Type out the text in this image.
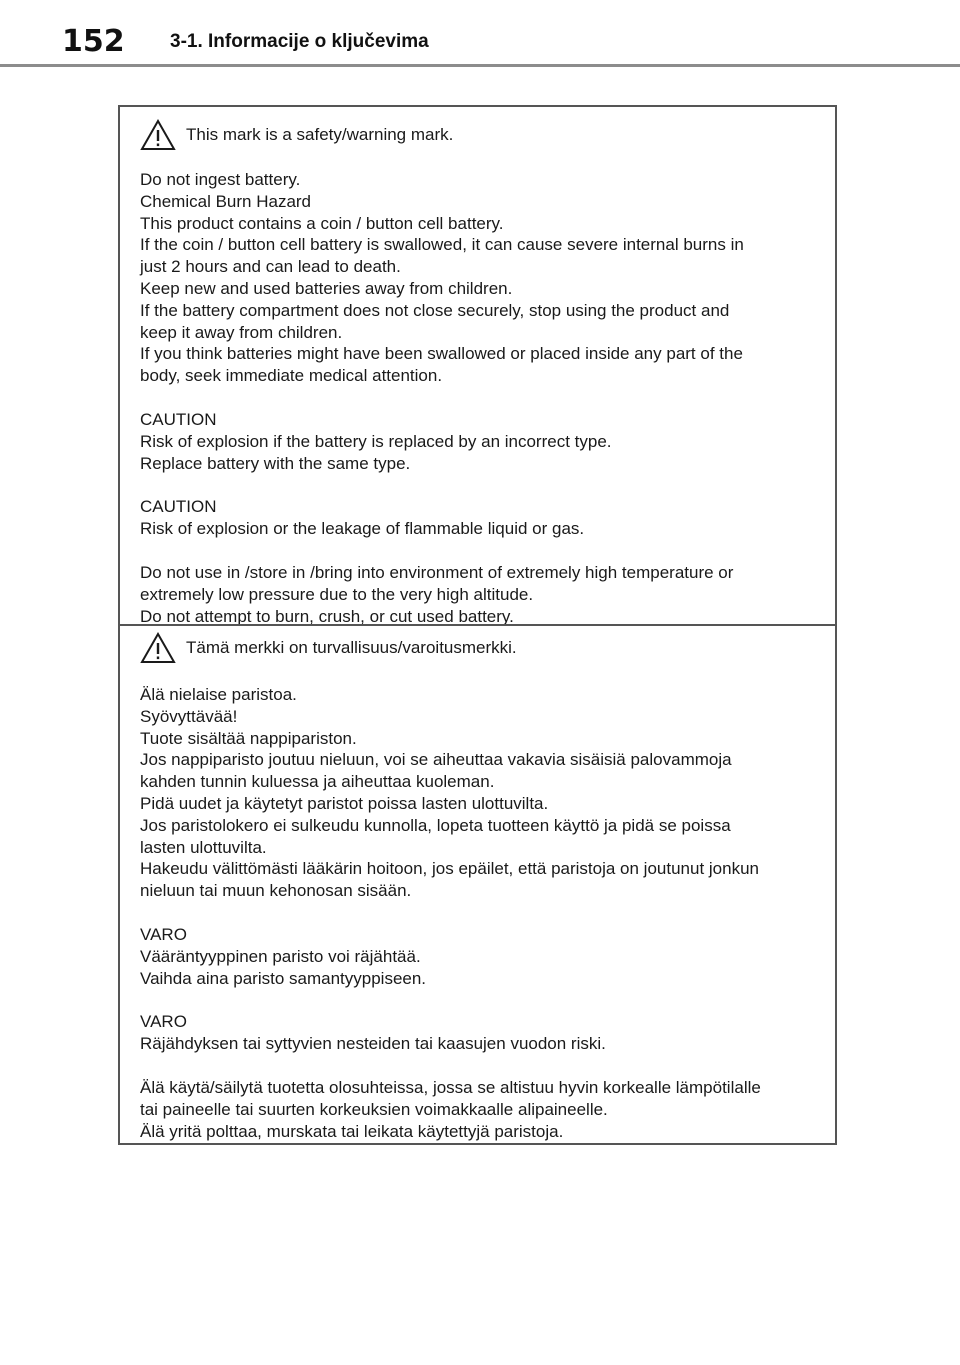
152 3-1. Informacije o ključevima
This mark is a safety/warning mark.

Do not ingest battery.
Chemical Burn Hazard
This product contains a coin / button cell battery.
If the coin / button cell battery is swallowed, it can cause severe internal burns in
just 2 hours and can lead to death.
Keep new and used batteries away from children.
If the battery compartment does not close securely, stop using the product and
keep it away from children.
If you think batteries might have been swallowed or placed inside any part of the
body, seek immediate medical attention.

CAUTION
Risk of explosion if the battery is replaced by an incorrect type.
Replace battery with the same type.

CAUTION
Risk of explosion or the leakage of flammable liquid or gas.

Do not use in /store in /bring into environment of extremely high temperature or
extremely low pressure due to the very high altitude.
Do not attempt to burn, crush, or cut used battery.

Tämä merkki on turvallisuus/varoitusmerkki.

Älä nielaise paristoa.
Syövyttävää!
Tuote sisältää nappipariston.
Jos nappiparisto joutuu nieluun, voi se aiheuttaa vakavia sisäisiä palovammoja
kahden tunnin kuluessa ja aiheuttaa kuoleman.
Pidä uudet ja käytetyt paristot poissa lasten ulottuvilta.
Jos paristolokero ei sulkeudu kunnolla, lopeta tuotteen käyttö ja pidä se poissa
lasten ulottuvilta.
Hakeudu välittömästi lääkärin hoitoon, jos epäilet, että paristoja on joutunut jonkun
nieluun tai muun kehonosan sisään.

VARO
Vääräntyyppinen paristo voi räjähtää.
Vaihda aina paristo samantyyppiseen.

VARO
Räjähdyksen tai syttyvien nesteiden tai kaasujen vuodon riski.

Älä käytä/säilytä tuotetta olosuhteissa, jossa se altistuu hyvin korkealle lämpötilalle
tai paineelle tai suurten korkeuksien voimakkaalle alipaineelle.
Älä yritä polttaa, murskata tai leikata käytettyjä paristoja.
